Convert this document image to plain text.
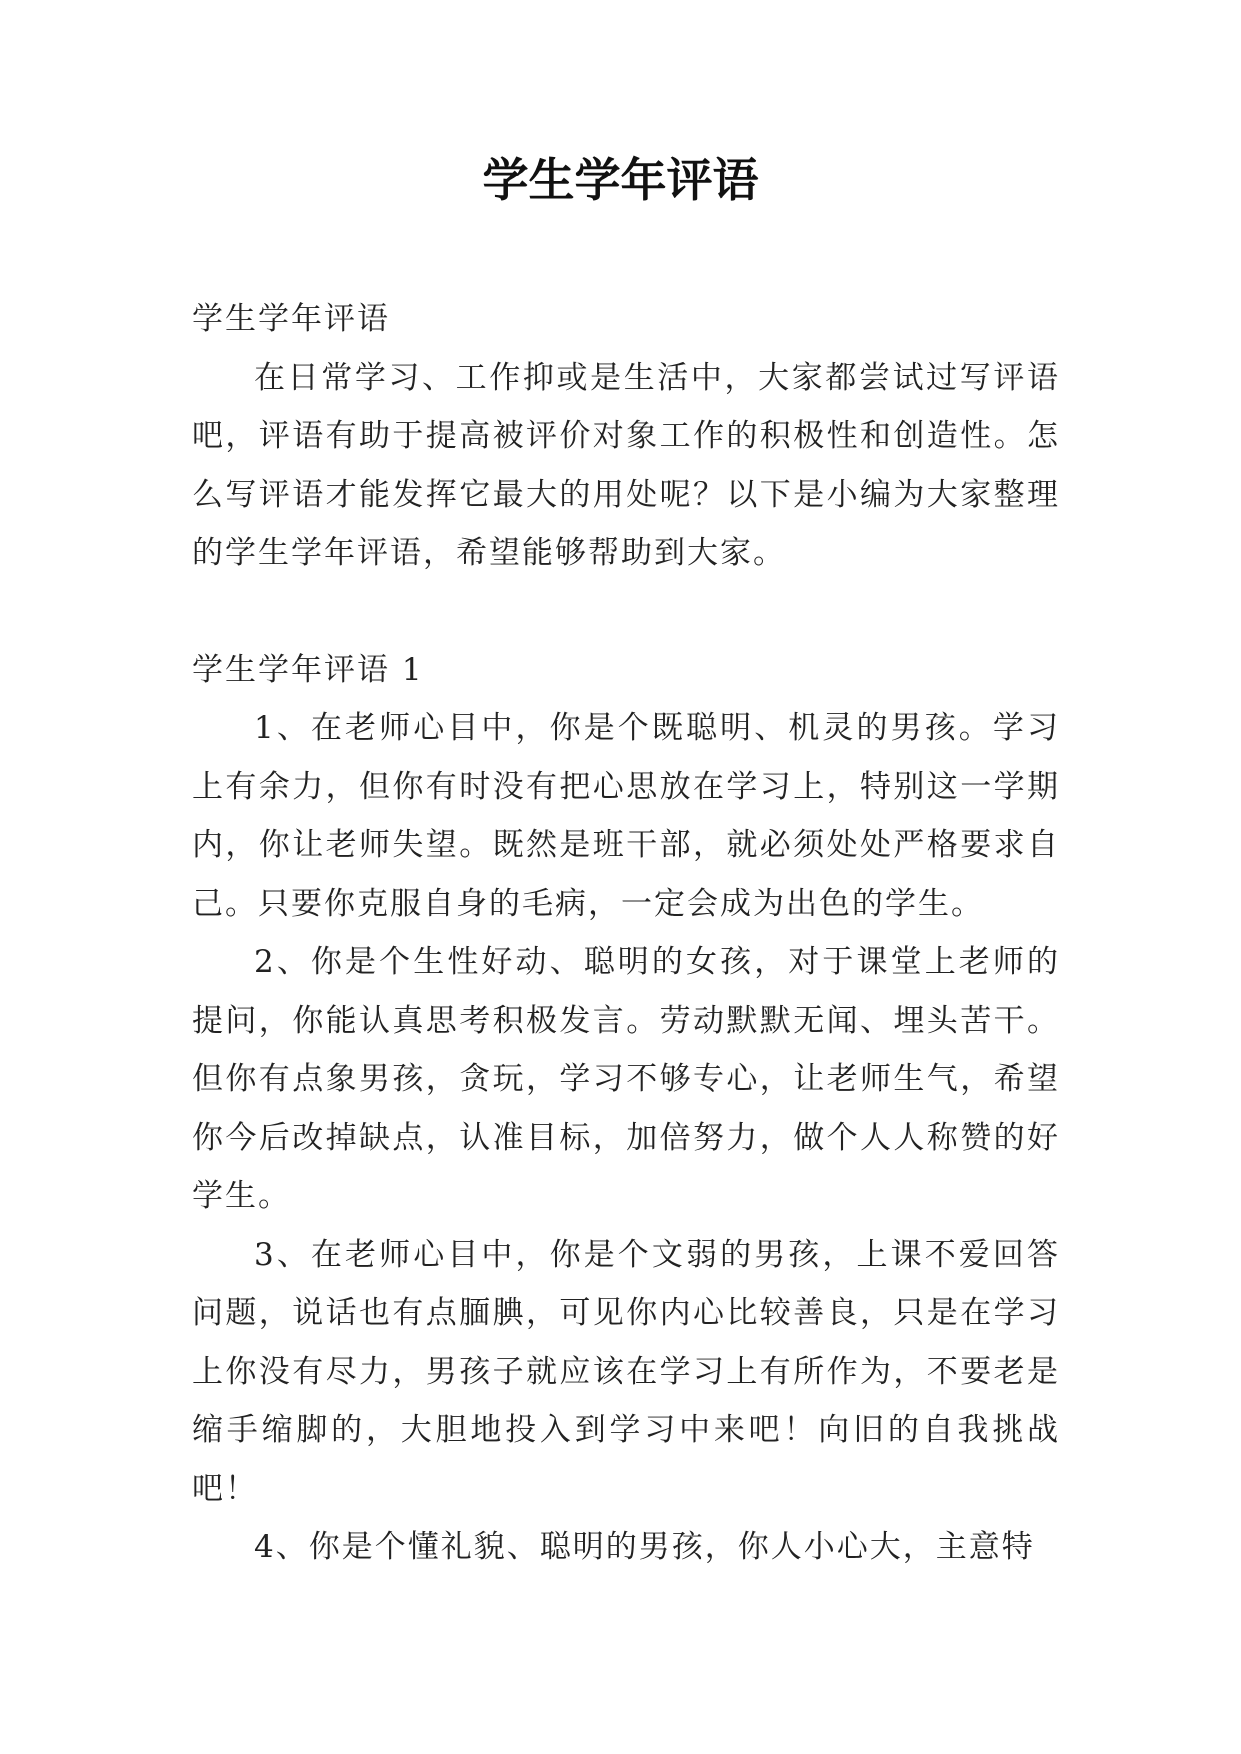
学生学年评语

学生学年评语

在日常学习、工作抑或是生活中，大家都尝试过写评语吧，评语有助于提高被评价对象工作的积极性和创造性。怎么写评语才能发挥它最大的用处呢？以下是小编为大家整理的学生学年评语，希望能够帮助到大家。

学生学年评语 1

1、在老师心目中，你是个既聪明、机灵的男孩。学习上有余力，但你有时没有把心思放在学习上，特别这一学期内，你让老师失望。既然是班干部，就必须处处严格要求自己。只要你克服自身的毛病，一定会成为出色的学生。

2、你是个生性好动、聪明的女孩，对于课堂上老师的提问，你能认真思考积极发言。劳动默默无闻、埋头苦干。但你有点象男孩，贪玩，学习不够专心，让老师生气，希望你今后改掉缺点，认准目标，加倍努力，做个人人称赞的好学生。

3、在老师心目中，你是个文弱的男孩，上课不爱回答问题，说话也有点腼腆，可见你内心比较善良，只是在学习上你没有尽力，男孩子就应该在学习上有所作为，不要老是缩手缩脚的，大胆地投入到学习中来吧！向旧的自我挑战吧！

4、你是个懂礼貌、聪明的男孩，你人小心大，主意特
